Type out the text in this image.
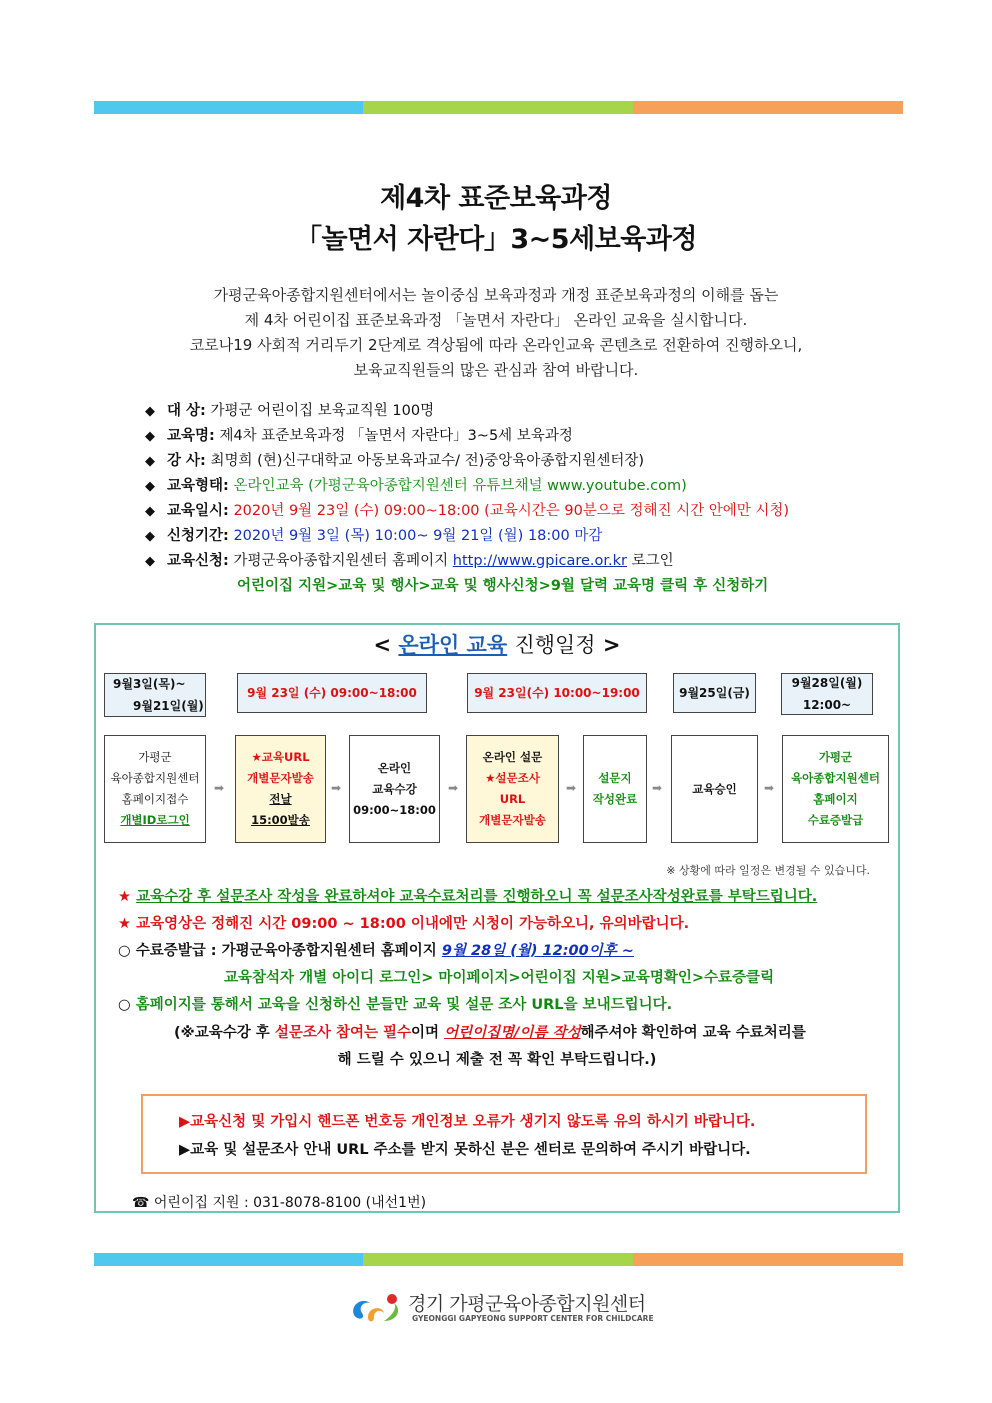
제4차 표준보육과정
「놀면서 자란다」3~5세보육과정
가평군육아종합지원센터에서는 놀이중심 보육과정과 개정 표준보육과정의 이해를 돕는
제 4차 어린이집 표준보육과정 「놀면서 자란다」 온라인 교육을 실시합니다.
코로나19 사회적 거리두기 2단계로 격상됨에 따라 온라인교육 콘텐츠로 전환하여 진행하오니,
보육교직원들의 많은 관심과 참여 바랍니다.
◆ 대 상: 가평군 어린이집 보육교직원 100명
◆ 교육명: 제4차 표준보육과정 「놀면서 자란다」3~5세 보육과정
◆ 강 사: 최명희 (현)신구대학교 아동보육과교수/ 전)중앙육아종합지원센터장)
◆ 교육형태: 온라인교육 (가평군육아종합지원센터 유튜브채널 www.youtube.com)
◆ 교육일시: 2020년 9월 23일 (수) 09:00~18:00 (교육시간은 90분으로 정해진 시간 안에만 시청)
◆ 신청기간: 2020년 9월 3일 (목) 10:00~ 9월 21일 (월) 18:00 마감
◆ 교육신청: 가평군육아종합지원센터 홈페이지 http://www.gpicare.or.kr 로그인
어린이집 지원>교육 및 행사>교육 및 행사신청>9월 달력 교육명 클릭 후 신청하기
< 온라인 교육 진행일정 >
9월3일(목)~
9월21일(월)
9월 23일 (수) 09:00~18:00	9월 23일(수) 10:00~19:00	9월25일(금)
9월28일(월)
12:00~
가평군
육아종합지원센터
홈페이지접수
개별ID로그인
➡
★교육URL
개별문자발송
전날
15:00발송
➡
온라인
교육수강
09:00~18:00
➡
온라인 설문
★설문조사
URL
개별문자발송
➡
설문지
작성완료
➡	교육승인	➡
가평군
육아종합지원센터
홈페이지
수료증발급
※ 상황에 따라 일정은 변경될 수 있습니다.
★ 교육수강 후 설문조사 작성을 완료하셔야 교육수료처리를 진행하오니 꼭 설문조사작성완료를 부탁드립니다.
★ 교육영상은 정해진 시간 09:00 ~ 18:00 이내에만 시청이 가능하오니, 유의바랍니다.
○ 수료증발급 : 가평군육아종합지원센터 홈페이지 9월 28일 (월) 12:00이후 ~
교육참석자 개별 아이디 로그인> 마이페이지>어린이집 지원>교육명확인>수료증클릭
○ 홈페이지를 통해서 교육을 신청하신 분들만 교육 및 설문 조사 URL을 보내드립니다.
(※교육수강 후 설문조사 참여는 필수이며 어린이집명/이름 작성해주셔야 확인하여 교육 수료처리를
해 드릴 수 있으니 제출 전 꼭 확인 부탁드립니다.)
▶교육신청 및 가입시 핸드폰 번호등 개인정보 오류가 생기지 않도록 유의 하시기 바랍니다.
▶교육 및 설문조사 안내 URL 주소를 받지 못하신 분은 센터로 문의하여 주시기 바랍니다.
☎ 어린이집 지원 : 031-8078-8100 (내선1번)
경기 가평군육아종합지원센터
GYEONGGI GAPYEONG SUPPORT CENTER FOR CHILDCARE
